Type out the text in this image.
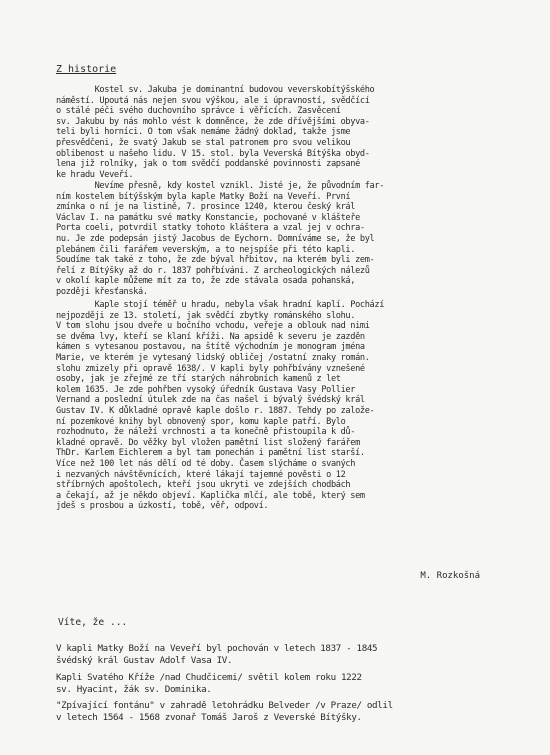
Z historie
Kostel sv. Jakuba je dominantní budovou veverskobítýšského
náměstí. Upoutá nás nejen svou výškou, ale i úpravností, svědčící
o stálé péči svého duchovního správce i věřících. Zasvěcení
sv. Jakubu by nás mohlo vést k domněnce, že zde dřívějšími obyva-
teli byli horníci. O tom však nemáme žádný doklad, takže jsme
přesvědčeni, že svatý Jakub se stal patronem pro svou velikou
oblibenost u našeho lidu. V 15. stol. byla Veverská Bítýška obyd-
lena již rolníky, jak o tom svědčí poddanské povinnosti zapsané
ke hradu Veveří.
Nevíme přesně, kdy kostel vznikl. Jisté je, že původním far-
ním kostelem bítýšským byla kaple Matky Boží na Veveří. První
zmínka o ní je na listině, 7. prosince 1240, kterou český král
Václav I. na památku své matky Konstancie, pochované v klášteře
Porta coeli, potvrdil statky tohoto kláštera a vzal jej v ochra-
nu. Je zde podepsán jistý Jacobus de Eychorn. Domníváme se, že byl
plebánem čili farářem veverským, a to nejspíše při této kapli.
Soudíme tak také z toho, že zde býval hřbitov, na kterém byli zem-
řelí z Bítýšky až do r. 1837 pohřbíváni. Z archeologických nálezů
v okolí kaple můžeme mít za to, že zde stávala osada pohanská,
později křesťanská.
Kaple stojí téměř u hradu, nebyla však hradní kaplí. Pochází
nejpozději ze 13. století, jak svědčí zbytky románského slohu.
V tom slohu jsou dveře u bočního vchodu, veřeje a oblouk nad nimi
se dvěma lvy, kteří se klaní kříži. Na apsidě k severu je zazděn
kámen s vytesanou postavou, na štítě východním je monogram jména
Marie, ve kterém je vytesaný lidský obličej /ostatní znaky román.
slohu zmizely při opravě 1638/. V kapli byly pohřbívány vznešené
osoby, jak je zřejmé ze tří starých náhrobních kamenů z let
kolem 1635. Je zde pohřben vysoký úředník Gustava Vasy Pollier
Vernand a poslední útulek zde na čas našel i bývalý švédský král
Gustav IV. K důkladné opravě kaple došlo r. 1887. Tehdy po založe-
ní pozemkové knihy byl obnovený spor, komu kaple patří. Bylo
rozhodnuto, že náleží vrchnosti a ta konečně přistoupila k dů-
kladné opravě. Do věžky byl vložen pamětní list složený farářem
ThDr. Karlem Eichlerem a byl tam ponechán i pamětní list starší.
Více než 100 let nás dělí od té doby. Časem slýcháme o svaných
i nezvaných návštěvnících, které lákají tajemné pověsti o 12
stříbrných apoštolech, kteří jsou ukryti ve zdejších chodbách
a čekají, až je někdo objeví. Kaplička mlčí, ale tobě, který sem
jdeš s prosbou a úzkostí, tobě, věř, odpoví.
M. Rozkošná
Víte, že ...
V kapli Matky Boží na Veveří byl pochován v letech 1837 - 1845
švédský král Gustav Adolf Vasa IV.
Kapli Svatého Kříže /nad Chudčicemi/ světil kolem roku 1222
sv. Hyacint, žák sv. Dominika.
"Zpívající fontánu" v zahradě letohrádku Belveder /v Praze/ odlil
v letech 1564 - 1568 zvonař Tomáš Jaroš z Veverské Bítýšky.
